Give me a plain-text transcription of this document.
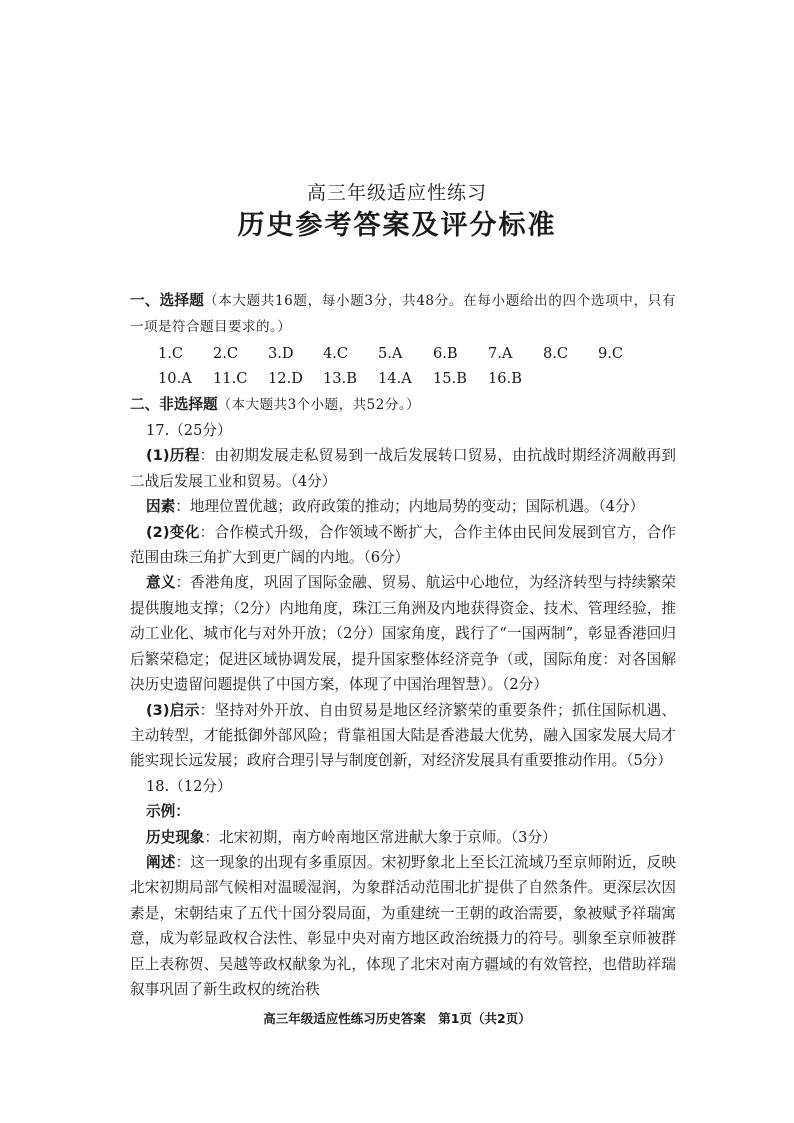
高三年级适应性练习
历史参考答案及评分标准

一、选择题（本大题共16题，每小题3分，共48分。在每小题给出的四个选项中，只有一项是符合题目要求的。）

1.C	2.C	3.D	4.C	5.A	6.B	7.A	8.C	9.C
10.A	11.C	12.D	13.B	14.A	15.B	16.B

二、非选择题（本大题共3个小题，共52分。）

17.（25分）

(1)历程：由初期发展走私贸易到一战后发展转口贸易，由抗战时期经济凋敝再到二战后发展工业和贸易。（4分）

因素：地理位置优越；政府政策的推动；内地局势的变动；国际机遇。（4分）

(2)变化：合作模式升级，合作领域不断扩大，合作主体由民间发展到官方，合作范围由珠三角扩大到更广阔的内地。（6分）

意义：香港角度，巩固了国际金融、贸易、航运中心地位，为经济转型与持续繁荣提供腹地支撑；（2分）内地角度，珠江三角洲及内地获得资金、技术、管理经验，推动工业化、城市化与对外开放；（2分）国家角度，践行了“一国两制”，彰显香港回归后繁荣稳定；促进区域协调发展，提升国家整体经济竞争（或，国际角度：对各国解决历史遗留问题提供了中国方案，体现了中国治理智慧）。（2分）

(3)启示：坚持对外开放、自由贸易是地区经济繁荣的重要条件；抓住国际机遇、主动转型，才能抵御外部风险；背靠祖国大陆是香港最大优势，融入国家发展大局才能实现长远发展；政府合理引导与制度创新，对经济发展具有重要推动作用。（5分）

18.（12分）

示例：

历史现象：北宋初期，南方岭南地区常进献大象于京师。（3分）

阐述：这一现象的出现有多重原因。宋初野象北上至长江流域乃至京师附近，反映北宋初期局部气候相对温暖湿润，为象群活动范围北扩提供了自然条件。更深层次因素是，宋朝结束了五代十国分裂局面，为重建统一王朝的政治需要，象被赋予祥瑞寓意，成为彰显政权合法性、彰显中央对南方地区政治统摄力的符号。驯象至京师被群臣上表称贺、吴越等政权献象为礼，体现了北宋对南方疆域的有效管控，也借助祥瑞叙事巩固了新生政权的统治秩

高三年级适应性练习历史答案　第1页（共2页）
